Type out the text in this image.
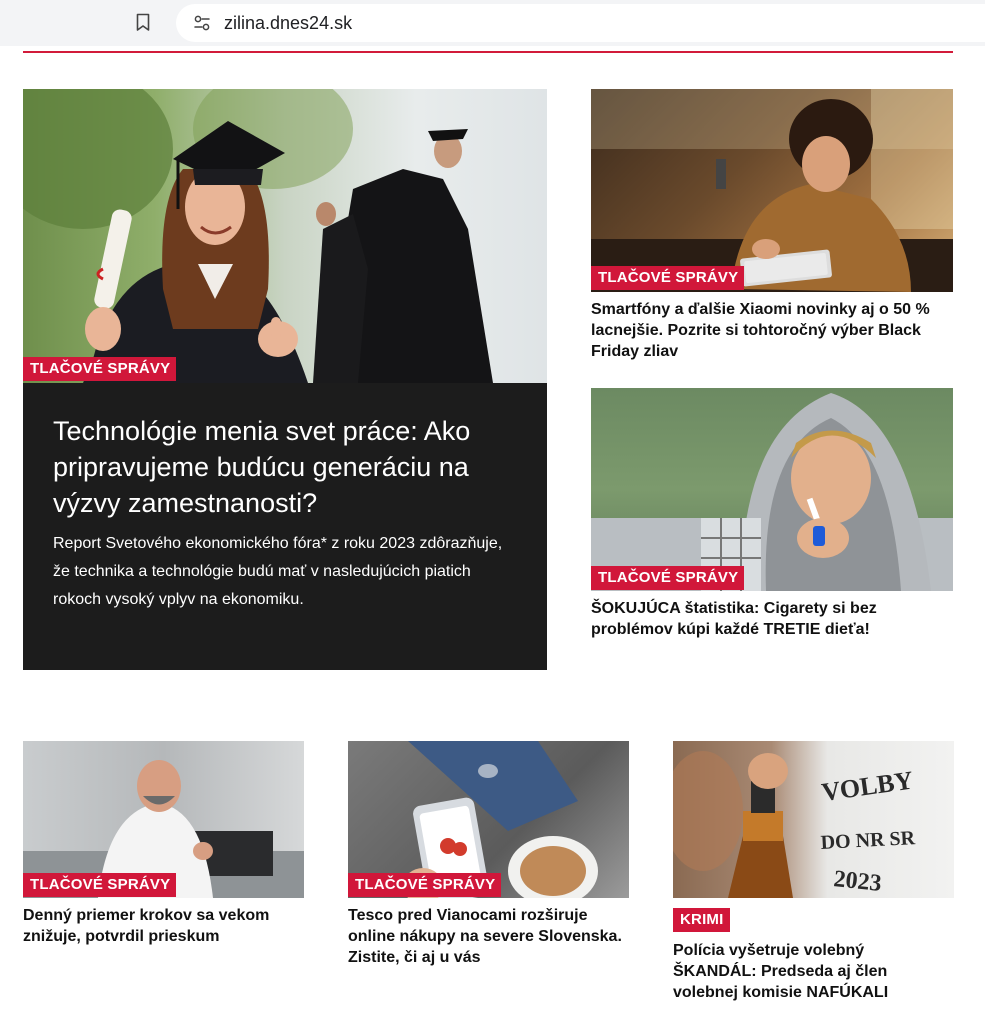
zilina.dnes24.sk
TLAČOVÉ SPRÁVY
Technológie menia svet práce: Ako pripravujeme budúcu generáciu na výzvy zamestnanosti?

Report Svetového ekonomického fóra* z roku 2023 zdôrazňuje, že technika a technológie budú mať v nasledujúcich piatich rokoch vysoký vplyv na ekonomiku.

TLAČOVÉ SPRÁVY
Smartfóny a ďalšie Xiaomi novinky aj o 50 % lacnejšie. Pozrite si tohtoročný výber Black Friday zliav
TLAČOVÉ SPRÁVY
ŠOKUJÚCA štatistika: Cigarety si bez problémov kúpi každé TRETIE dieťa!
TLAČOVÉ SPRÁVY
Denný priemer krokov sa vekom znižuje, potvrdil prieskum
TLAČOVÉ SPRÁVY
Tesco pred Vianocami rozširuje online nákupy na severe Slovenska. Zistite, či aj u vás
VOLBY
DO NR SR
2023
KRIMI
Polícia vyšetruje volebný ŠKANDÁL: Predseda aj člen volebnej komisie NAFÚKALI
